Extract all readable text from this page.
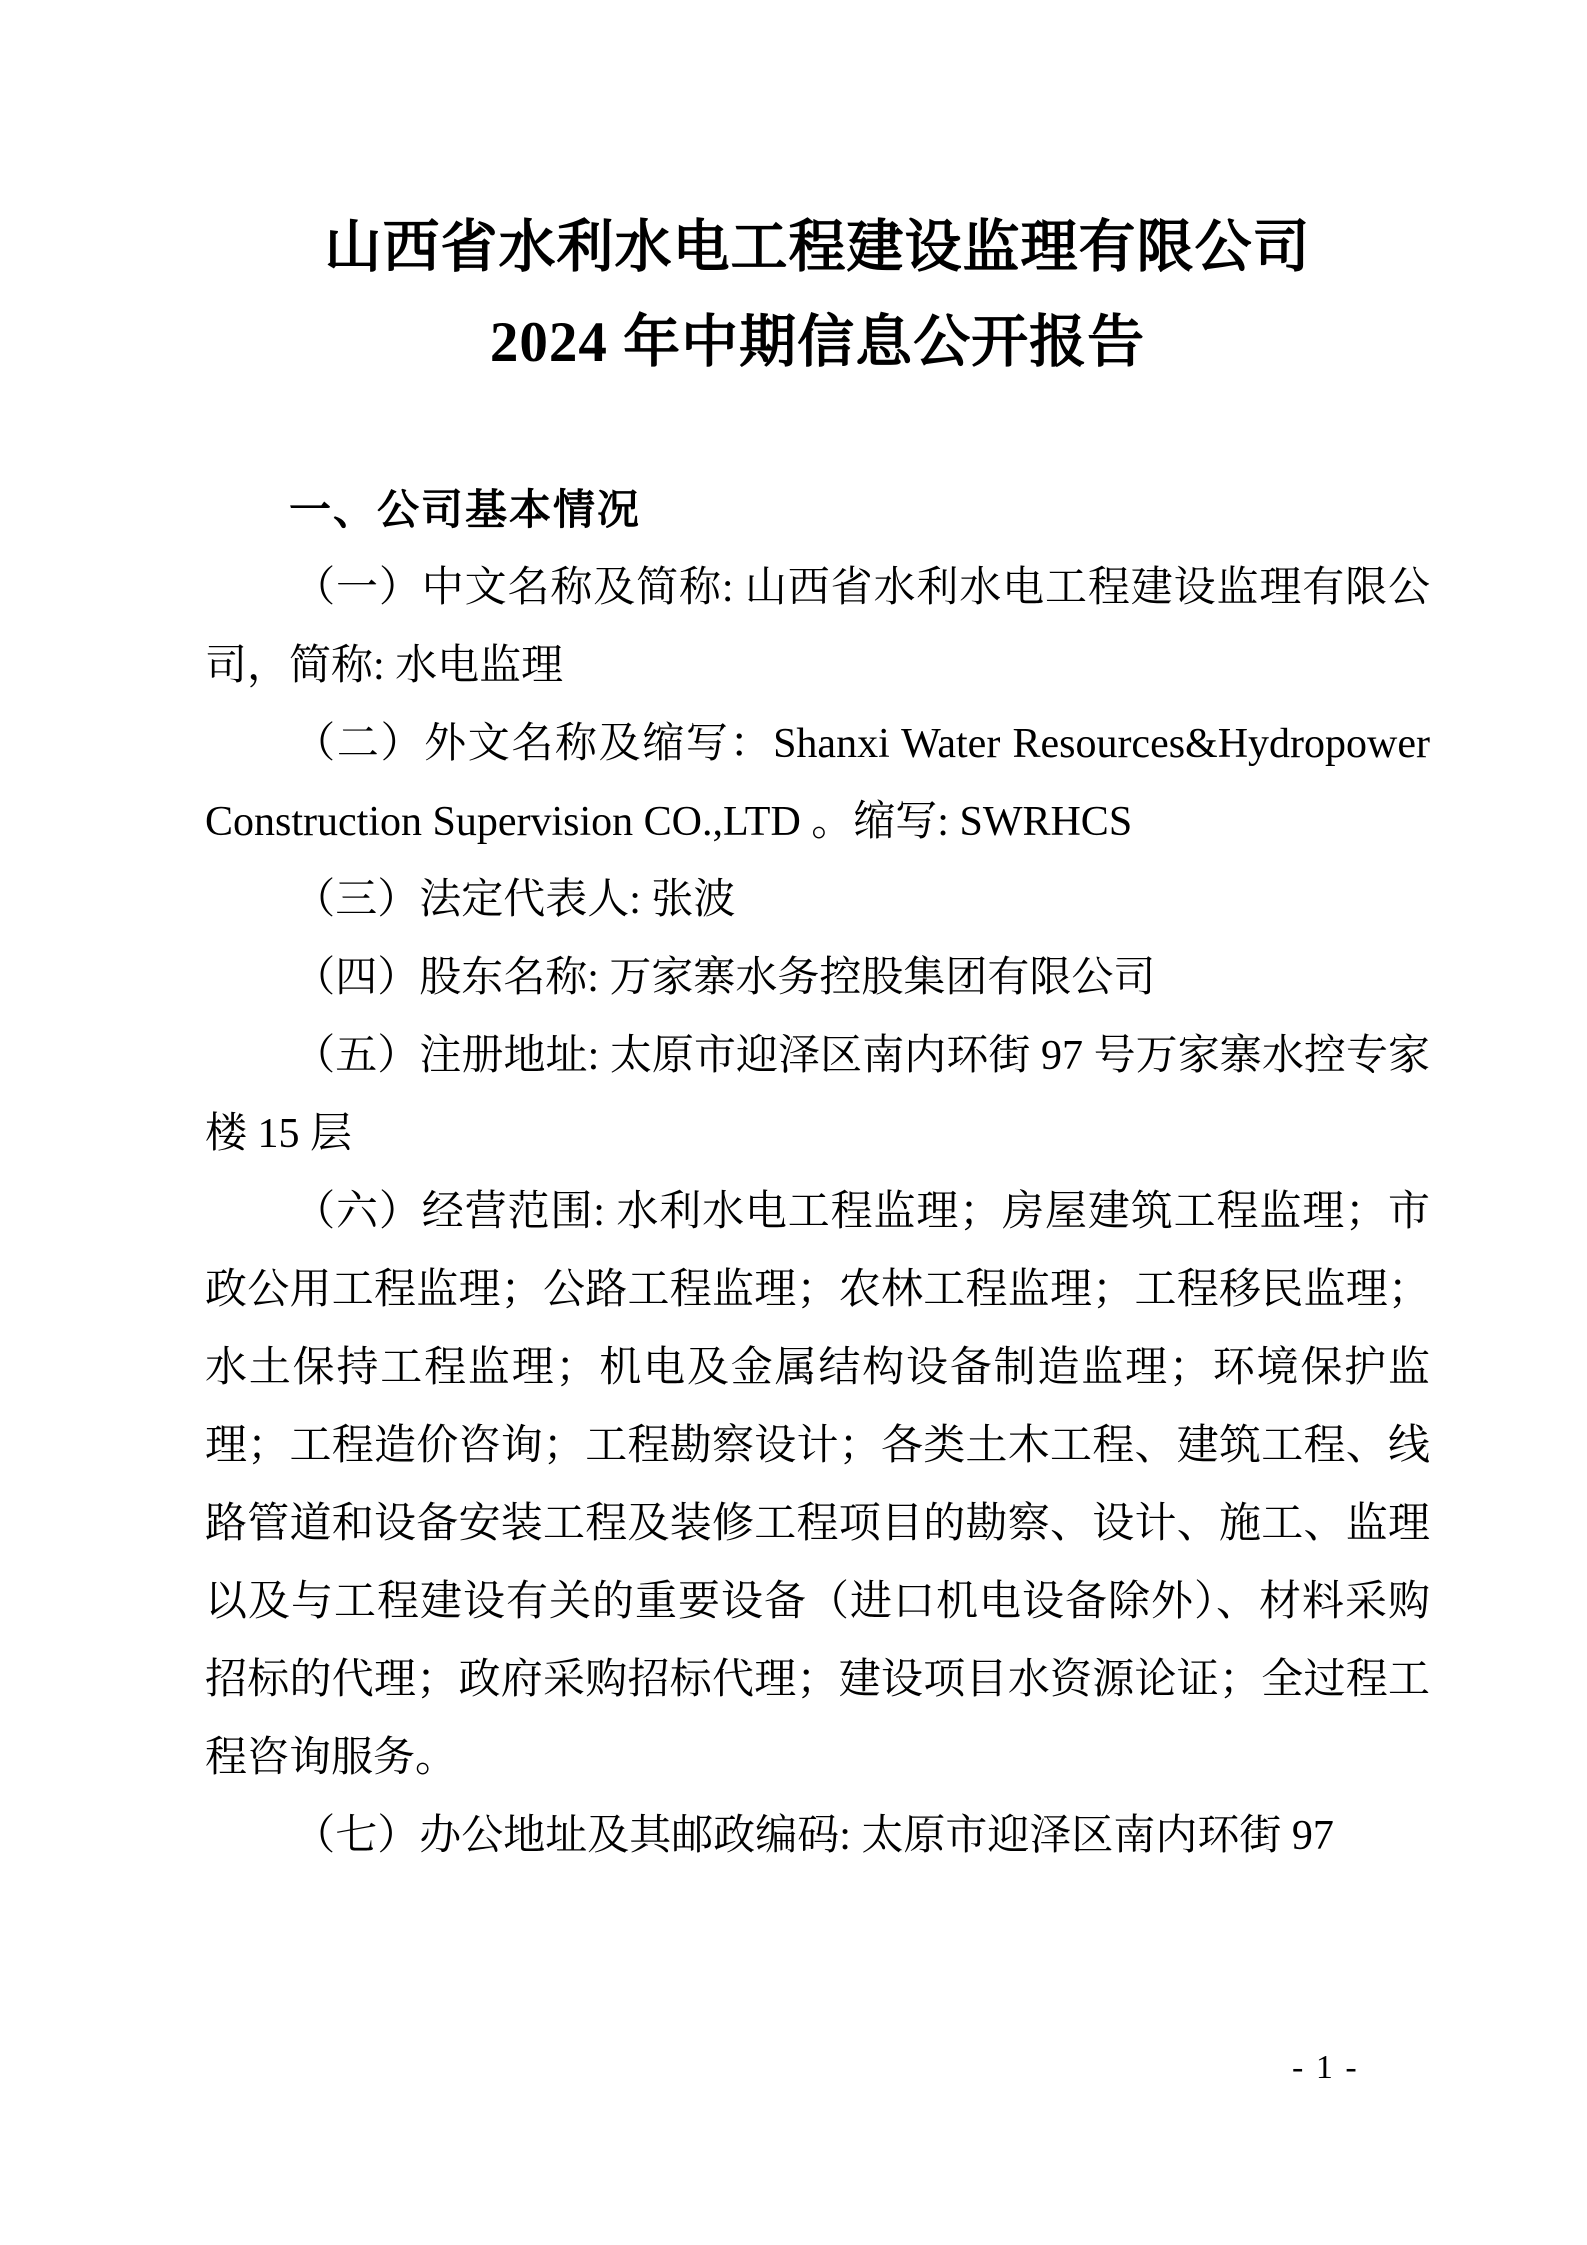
山西省水利水电工程建设监理有限公司
2024 年中期信息公开报告
一、公司基本情况

（一）中文名称及简称: 山西省水利水电工程建设监理有限公司，简称: 水电监理

（二）外文名称及缩写：Shanxi Water Resources&Hydropower Construction Supervision CO.,LTD 。缩写: SWRHCS

（三）法定代表人: 张波

（四）股东名称: 万家寨水务控股集团有限公司

（五）注册地址: 太原市迎泽区南内环街 97 号万家寨水控专家楼 15 层

（六）经营范围: 水利水电工程监理；房屋建筑工程监理；市政公用工程监理；公路工程监理；农林工程监理；工程移民监理；水土保持工程监理；机电及金属结构设备制造监理；环境保护监理；工程造价咨询；工程勘察设计；各类土木工程、建筑工程、线路管道和设备安装工程及装修工程项目的勘察、设计、施工、监理以及与工程建设有关的重要设备（进口机电设备除外）、材料采购招标的代理；政府采购招标代理；建设项目水资源论证；全过程工程咨询服务。

（七）办公地址及其邮政编码: 太原市迎泽区南内环街 97

- 1 -
